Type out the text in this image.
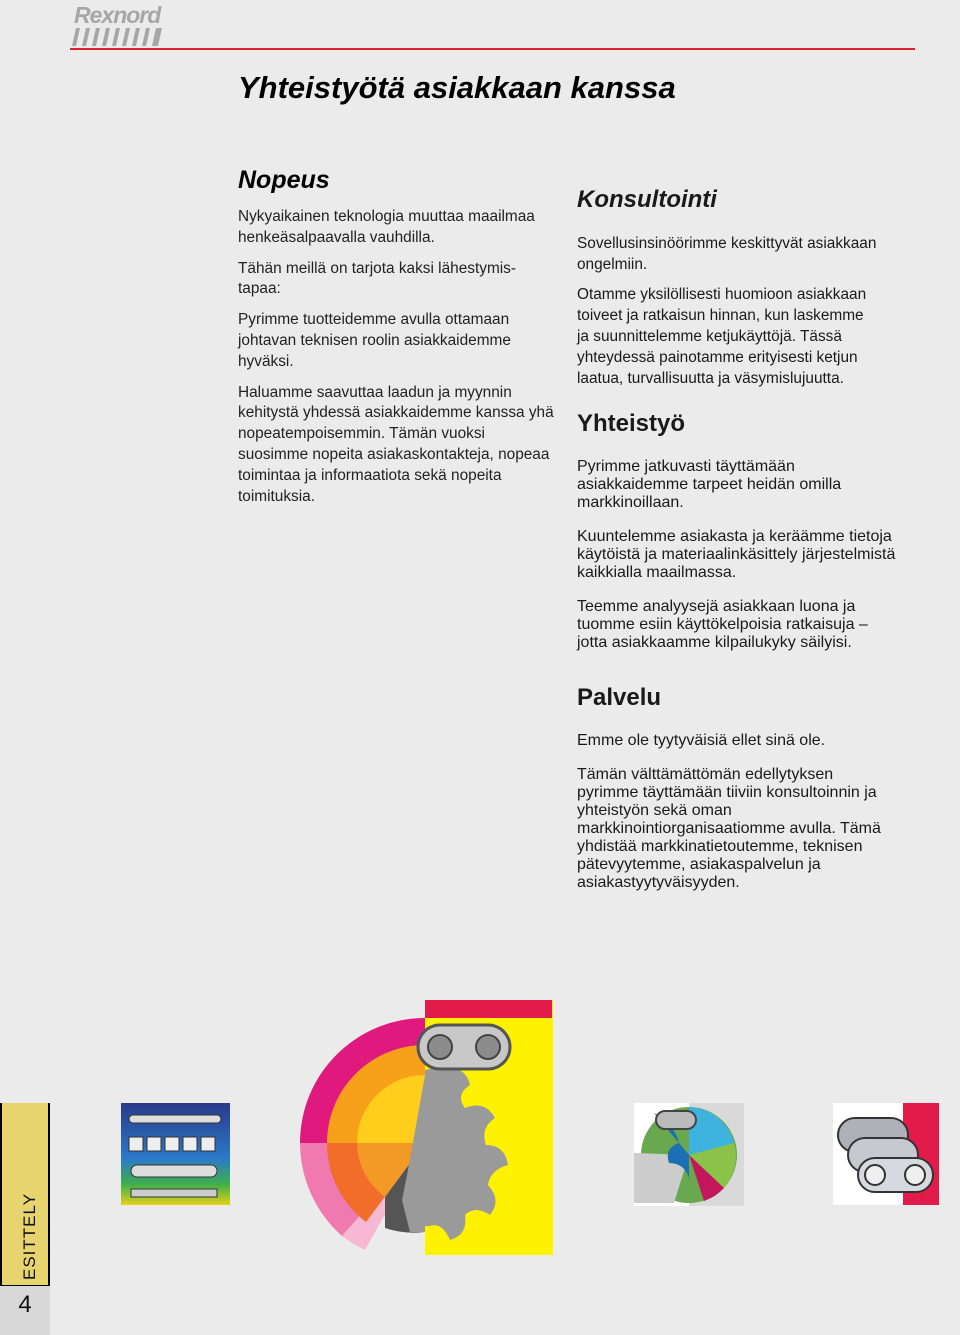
Rexnord
Yhteistyötä asiakkaan kanssa
Nopeus

Nykyaikainen teknologia muuttaa maailmaa henkeäsalpaavalla vauhdilla.

Tähän meillä on tarjota kaksi lähestymis-tapaa:

Pyrimme tuotteidemme avulla ottamaan johtavan teknisen roolin asiakkaidemme hyväksi.

Haluamme saavuttaa laadun ja myynnin kehitystä yhdessä asiakkaidemme kanssa yhä nopeatempoisemmin. Tämän vuoksi suosimme nopeita asiakaskontakteja, nopeaa toimintaa ja informaatiota sekä nopeita toimituksia.

Konsultointi

Sovellusinsinöörimme keskittyvät asiakkaan ongelmiin.

Otamme yksilöllisesti huomioon asiakkaan toiveet ja ratkaisun hinnan, kun laskemme ja suunnittelemme ketjukäyttöjä. Tässä yhteydessä painotamme erityisesti ketjun laatua, turvallisuutta ja väsymislujuutta.

Yhteistyö

Pyrimme jatkuvasti täyttämään asiakkaidemme tarpeet heidän omilla markkinoillaan.

Kuuntelemme asiakasta ja keräämme tietoja käytöistä ja materiaalinkäsittely järjestelmistä kaikkialla maailmassa.

Teemme analyysejä asiakkaan luona ja tuomme esiin käyttökelpoisia ratkaisuja – jotta asiakkaamme kilpailukyky säilyisi.

Palvelu

Emme ole tyytyväisiä ellet sinä ole.

Tämän välttämättömän edellytyksen pyrimme täyttämään tiiviin konsultoinnin ja yhteistyön sekä oman markkinointiorganisaatiomme avulla. Tämä yhdistää markkinatietoutemme, teknisen pätevyytemme, asiakaspalvelun ja asiakastyytyväisyyden.

ESITTELY
4
